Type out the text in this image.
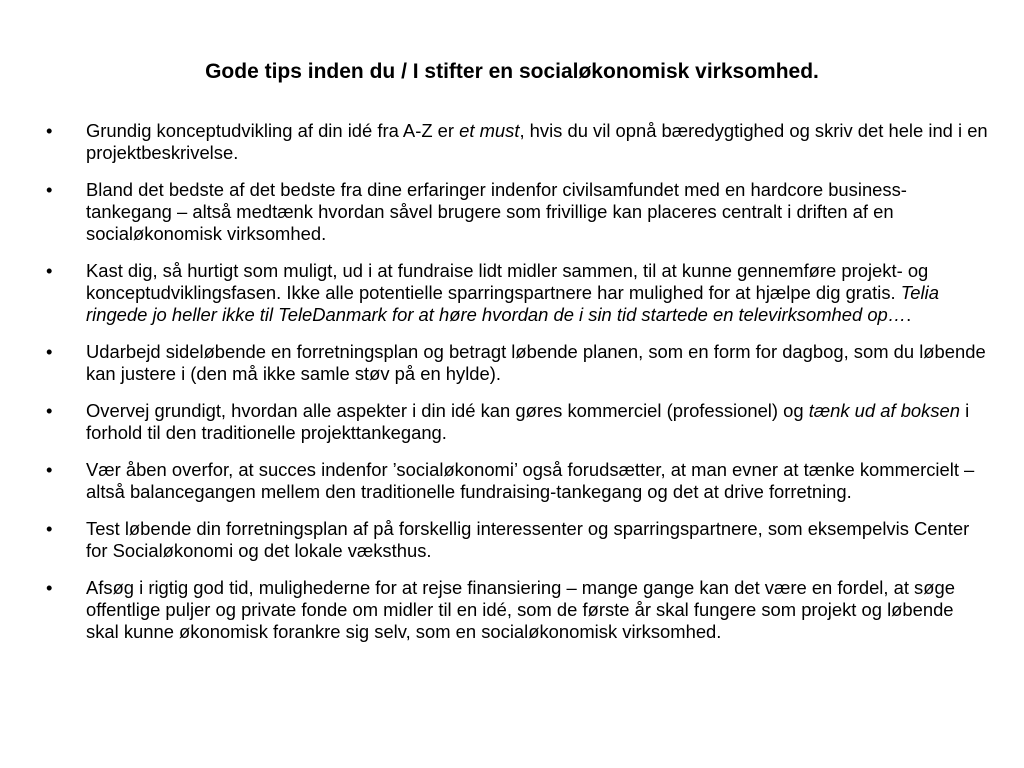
Gode tips inden du / I stifter en socialøkonomisk virksomhed.
•	Grundig konceptudvikling af din idé fra A-Z er et must, hvis du vil opnå bæredygtighed og skriv det hele ind i en projektbeskrivelse.
•	Bland det bedste af det bedste fra dine erfaringer indenfor civilsamfundet med en hardcore business-tankegang – altså medtænk hvordan såvel brugere som frivillige kan placeres centralt i driften af en socialøkonomisk virksomhed.
•	Kast dig, så hurtigt som muligt, ud i at fundraise lidt midler sammen, til at kunne gennemføre projekt- og konceptudviklingsfasen. Ikke alle potentielle sparringspartnere har mulighed for at hjælpe dig gratis. Telia ringede jo heller ikke til TeleDanmark for at høre hvordan de i sin tid startede en televirksomhed op….
•	Udarbejd sideløbende en forretningsplan og betragt løbende planen, som en form for dagbog, som du løbende kan justere i (den må ikke samle støv på en hylde).
•	Overvej grundigt, hvordan alle aspekter i din idé kan gøres kommerciel (professionel) og tænk ud af boksen i forhold til den traditionelle projekttankegang.
•	Vær åben overfor, at succes indenfor ’socialøkonomi’ også forudsætter, at man evner at tænke kommercielt – altså balancegangen mellem den traditionelle fundraising-tankegang og det at drive forretning.
•	Test løbende din forretningsplan af på forskellig interessenter og sparringspartnere, som eksempelvis Center for Socialøkonomi og det lokale væksthus.
•	Afsøg i rigtig god tid, mulighederne for at rejse finansiering – mange gange kan det være en fordel, at søge offentlige puljer og private fonde om midler til en idé, som de første år skal fungere som projekt og løbende skal kunne økonomisk forankre sig selv, som en socialøkonomisk virksomhed.
